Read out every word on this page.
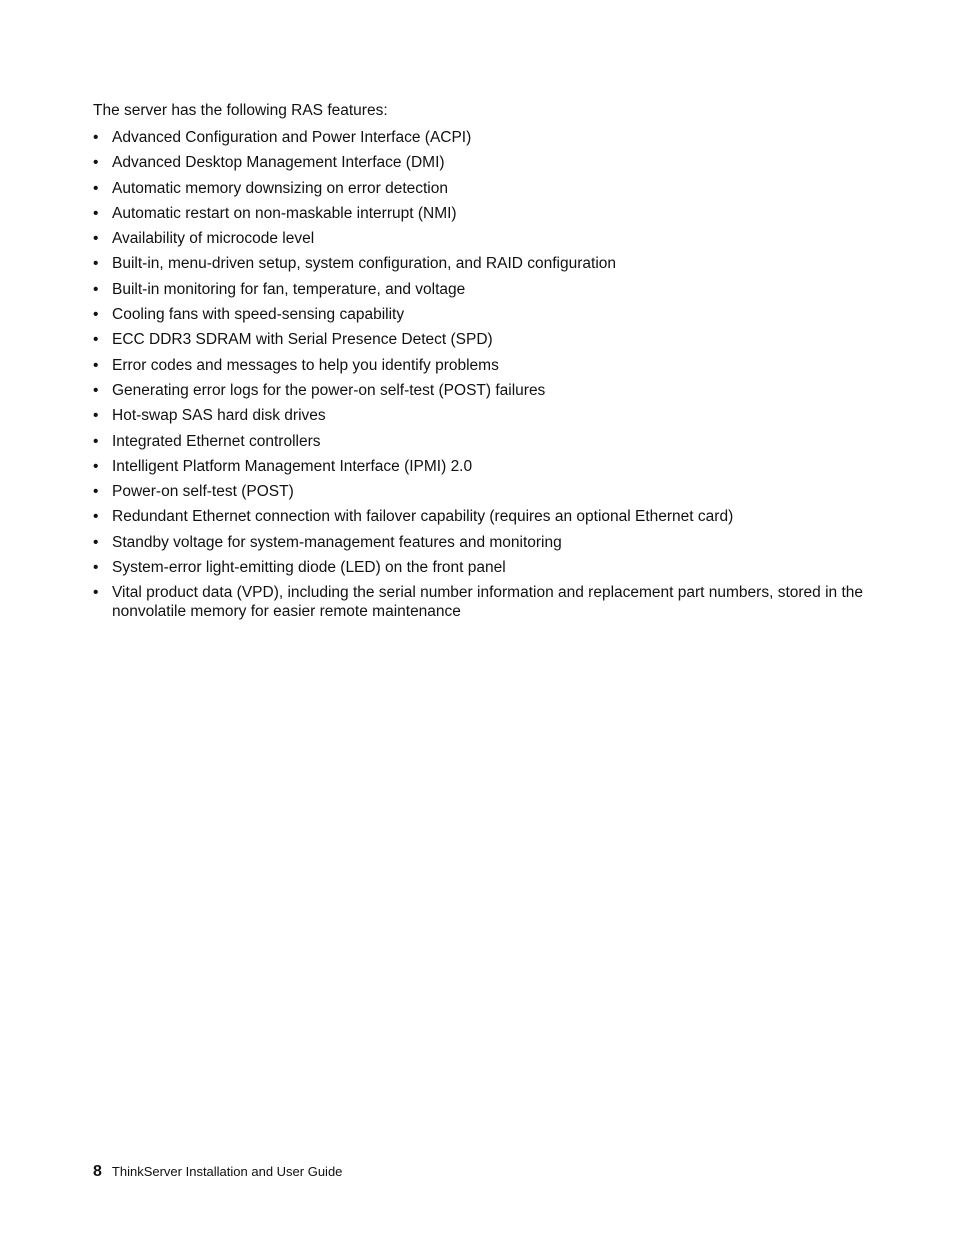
The server has the following RAS features:

• Advanced Configuration and Power Interface (ACPI)
• Advanced Desktop Management Interface (DMI)
• Automatic memory downsizing on error detection
• Automatic restart on non-maskable interrupt (NMI)
• Availability of microcode level
• Built-in, menu-driven setup, system configuration, and RAID configuration
• Built-in monitoring for fan, temperature, and voltage
• Cooling fans with speed-sensing capability
• ECC DDR3 SDRAM with Serial Presence Detect (SPD)
• Error codes and messages to help you identify problems
• Generating error logs for the power-on self-test (POST) failures
• Hot-swap SAS hard disk drives
• Integrated Ethernet controllers
• Intelligent Platform Management Interface (IPMI) 2.0
• Power-on self-test (POST)
• Redundant Ethernet connection with failover capability (requires an optional Ethernet card)
• Standby voltage for system-management features and monitoring
• System-error light-emitting diode (LED) on the front panel
• Vital product data (VPD), including the serial number information and replacement part numbers, stored in the nonvolatile memory for easier remote maintenance
8 ThinkServer Installation and User Guide
